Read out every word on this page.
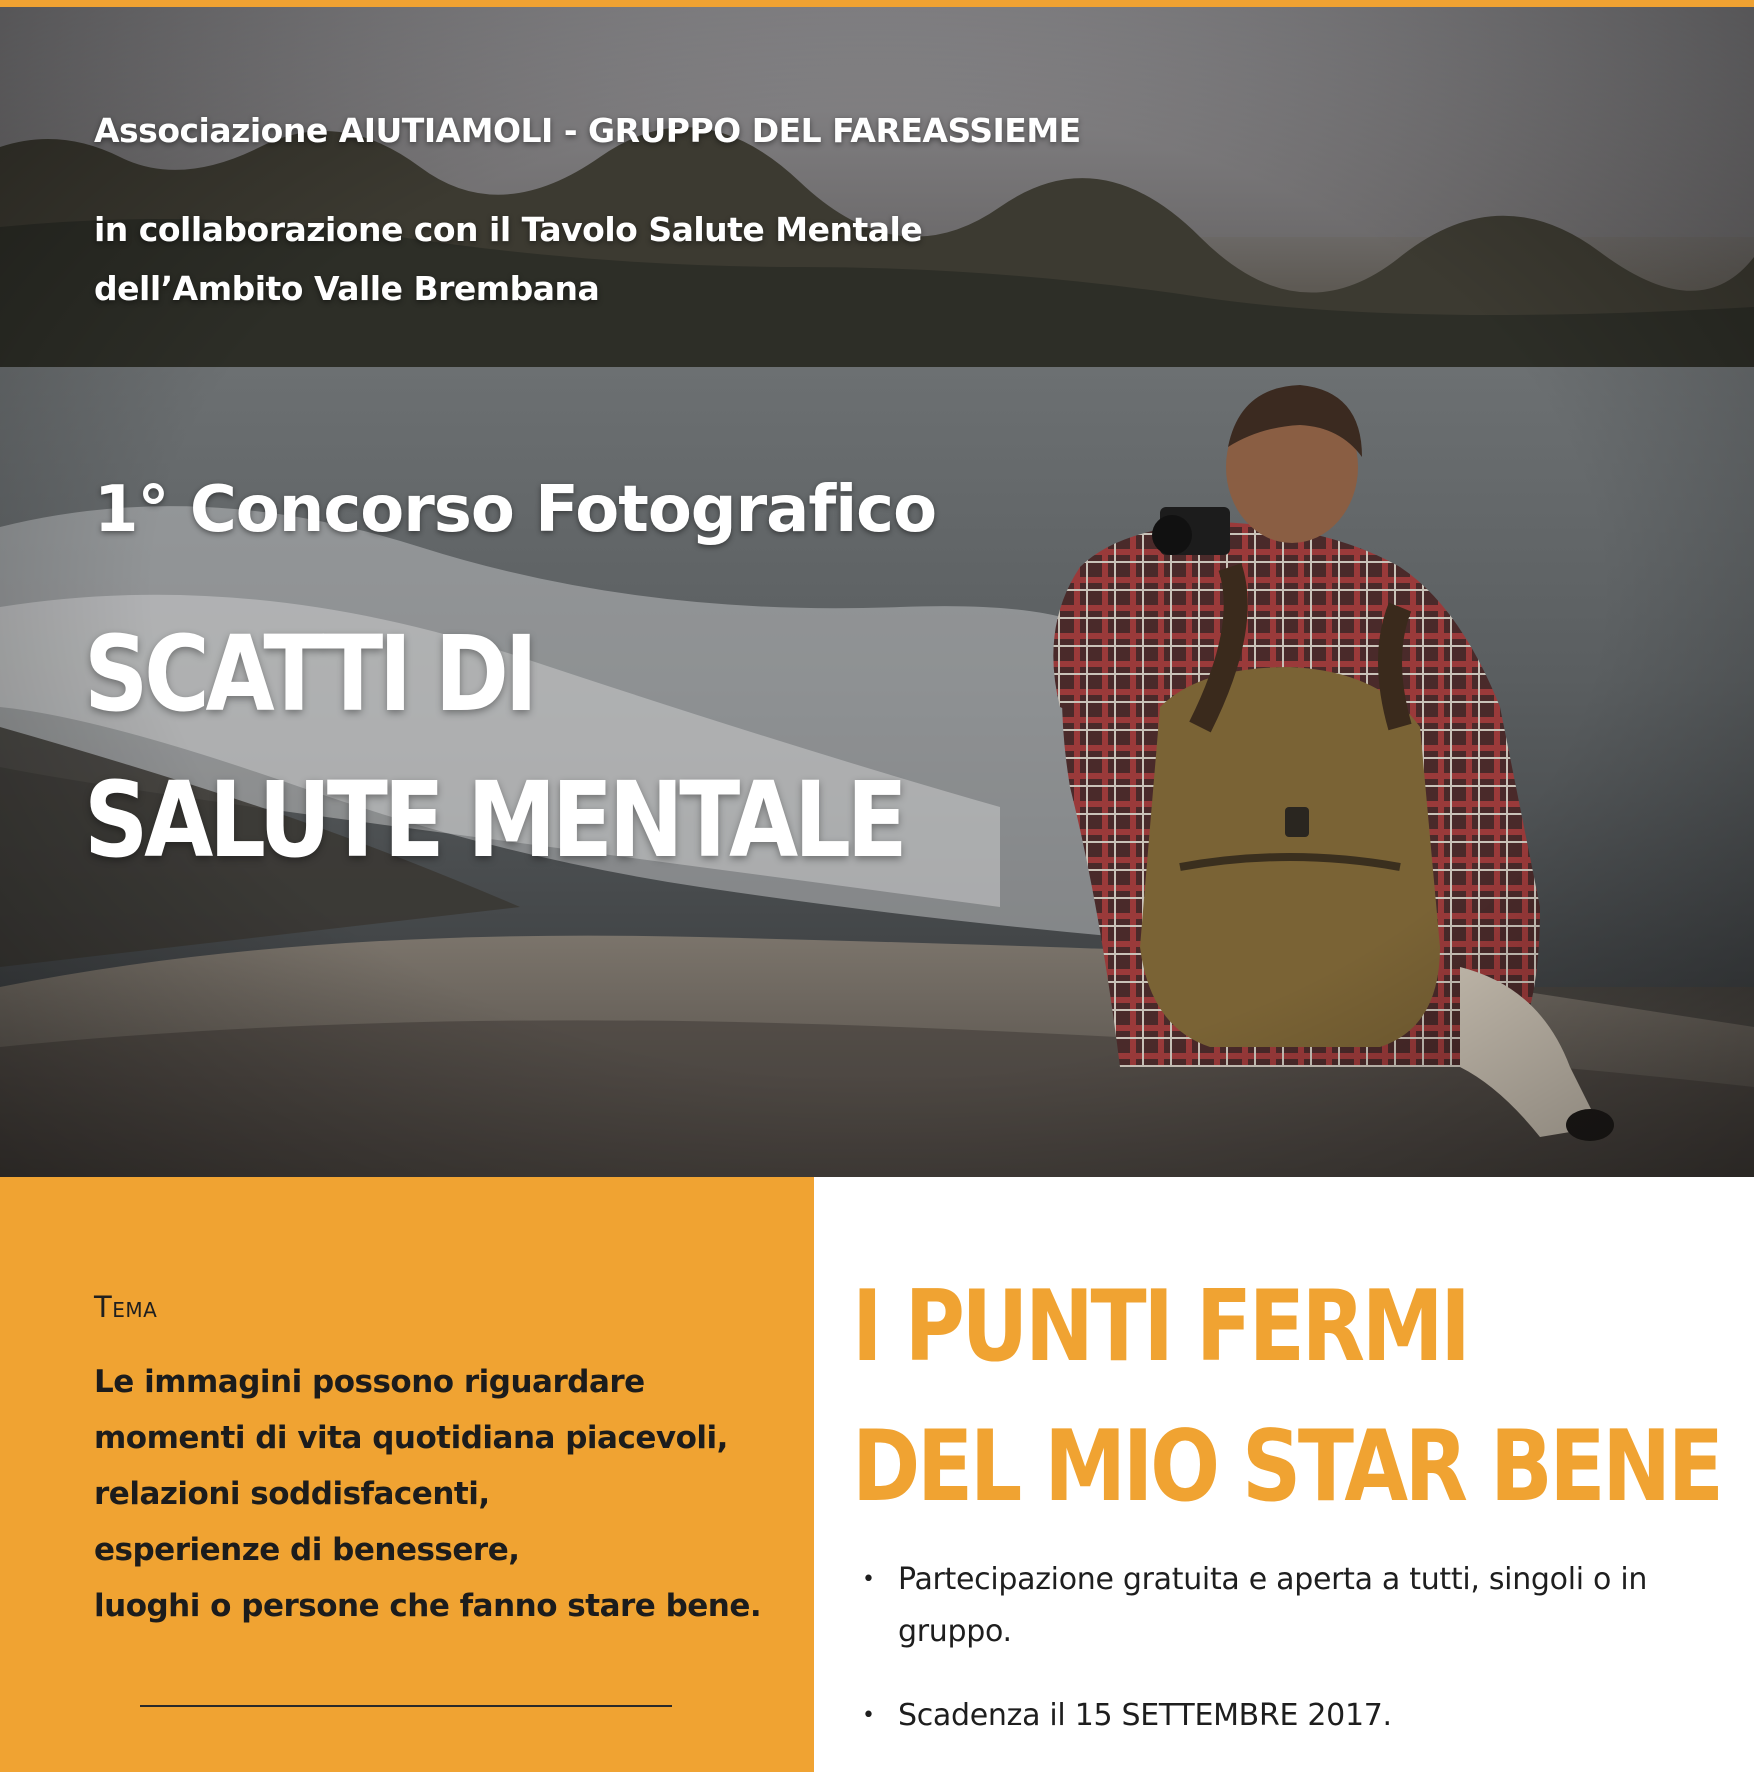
Associazione AIUTIAMOLI - GRUPPO DEL FAREASSIEME
in collaborazione con il Tavolo Salute Mentale
dell’Ambito Valle Brembana
1° Concorso Fotografico
SCATTI DI
SALUTE MENTALE
Tema
Le immagini possono riguardare
momenti di vita quotidiana piacevoli,
relazioni soddisfacenti,
esperienze di benessere,
luoghi o persone che fanno stare bene.
I PUNTI FERMI
DEL MIO STAR BENE
• Partecipazione gratuita e aperta a tutti, singoli o in
gruppo.
• Scadenza il 15 SETTEMBRE 2017.
